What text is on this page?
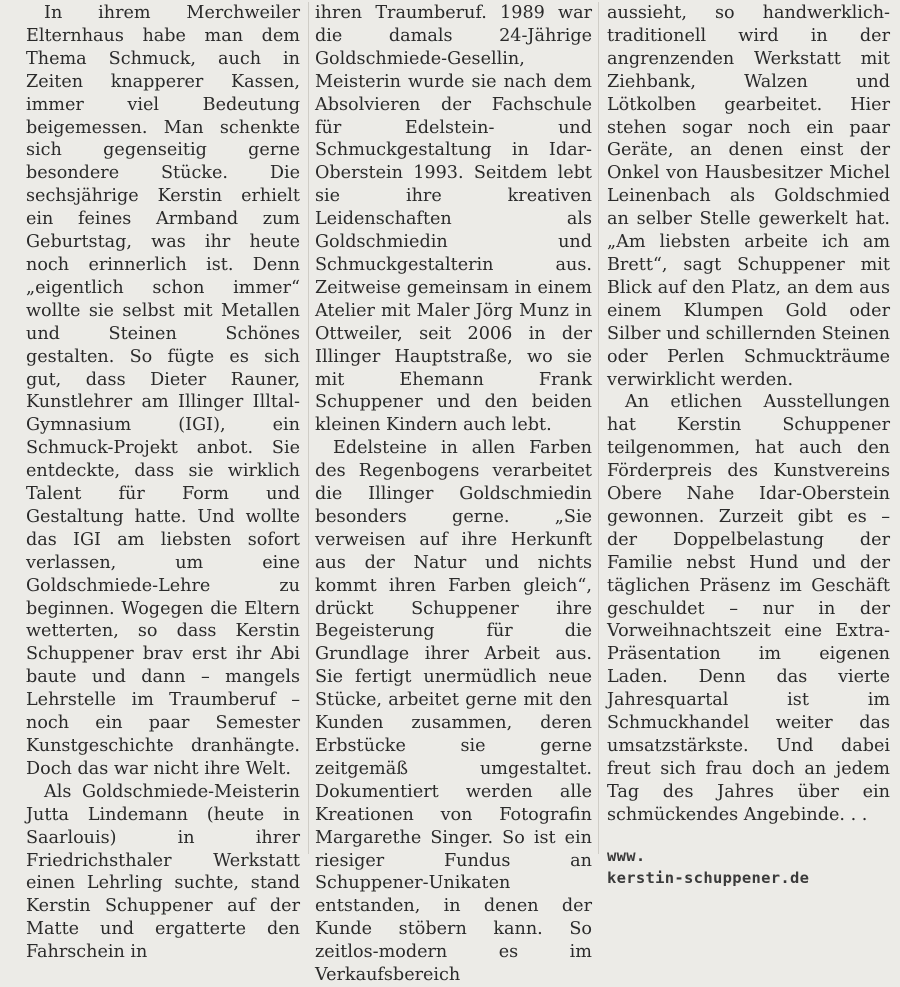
In ihrem Merchweiler Elternhaus habe man dem Thema Schmuck, auch in Zeiten knapperer Kassen, immer viel Bedeutung beigemessen. Man schenkte sich gegenseitig gerne besondere Stücke. Die sechsjährige Kerstin erhielt ein feines Armband zum Geburtstag, was ihr heute noch erinnerlich ist. Denn „eigentlich schon immer“ wollte sie selbst mit Metallen und Steinen Schönes gestalten. So fügte es sich gut, dass Dieter Rauner, Kunstlehrer am Illinger Illtal-Gymnasium (IGI), ein Schmuck-Projekt anbot. Sie entdeckte, dass sie wirklich Talent für Form und Gestaltung hatte. Und wollte das IGI am liebsten sofort verlassen, um eine Goldschmiede-Lehre zu beginnen. Wogegen die Eltern wetterten, so dass Kerstin Schuppener brav erst ihr Abi baute und dann – mangels Lehrstelle im Traumberuf – noch ein paar Semester Kunstgeschichte dranhängte. Doch das war nicht ihre Welt.

Als Goldschmiede-Meisterin Jutta Lindemann (heute in Saarlouis) in ihrer Friedrichsthaler Werkstatt einen Lehrling suchte, stand Kerstin Schuppener auf der Matte und ergatterte den Fahrschein in

ihren Traumberuf. 1989 war die damals 24-Jährige Goldschmiede-Gesellin, Meisterin wurde sie nach dem Absolvieren der Fachschule für Edelstein- und Schmuckgestaltung in Idar-Oberstein 1993. Seitdem lebt sie ihre kreativen Leidenschaften als Goldschmiedin und Schmuckgestalterin aus. Zeitweise gemeinsam in einem Atelier mit Maler Jörg Munz in Ottweiler, seit 2006 in der Illinger Hauptstraße, wo sie mit Ehemann Frank Schuppener und den beiden kleinen Kindern auch lebt.

Edelsteine in allen Farben des Regenbogens verarbeitet die Illinger Goldschmiedin besonders gerne. „Sie verweisen auf ihre Herkunft aus der Natur und nichts kommt ihren Farben gleich“, drückt Schuppener ihre Begeisterung für die Grundlage ihrer Arbeit aus. Sie fertigt unermüdlich neue Stücke, arbeitet gerne mit den Kunden zusammen, deren Erbstücke sie gerne zeitgemäß umgestaltet. Dokumentiert werden alle Kreationen von Fotografin Margarethe Singer. So ist ein riesiger Fundus an Schuppener-Unikaten entstanden, in denen der Kunde stöbern kann. So zeitlos-modern es im Verkaufsbereich

aussieht, so handwerklich-traditionell wird in der angrenzenden Werkstatt mit Ziehbank, Walzen und Lötkolben gearbeitet. Hier stehen sogar noch ein paar Geräte, an denen einst der Onkel von Hausbesitzer Michel Leinenbach als Goldschmied an selber Stelle gewerkelt hat. „Am liebsten arbeite ich am Brett“, sagt Schuppener mit Blick auf den Platz, an dem aus einem Klumpen Gold oder Silber und schillernden Steinen oder Perlen Schmuckträume verwirklicht werden.

An etlichen Ausstellungen hat Kerstin Schuppener teilgenommen, hat auch den Förderpreis des Kunstvereins Obere Nahe Idar-Oberstein gewonnen. Zurzeit gibt es – der Doppelbelastung der Familie nebst Hund und der täglichen Präsenz im Geschäft geschuldet – nur in der Vorweihnachtszeit eine Extra-Präsentation im eigenen Laden. Denn das vierte Jahresquartal ist im Schmuckhandel weiter das umsatzstärkste. Und dabei freut sich frau doch an jedem Tag des Jahres über ein schmückendes Angebinde. . .

www.
kerstin-schuppener.de
